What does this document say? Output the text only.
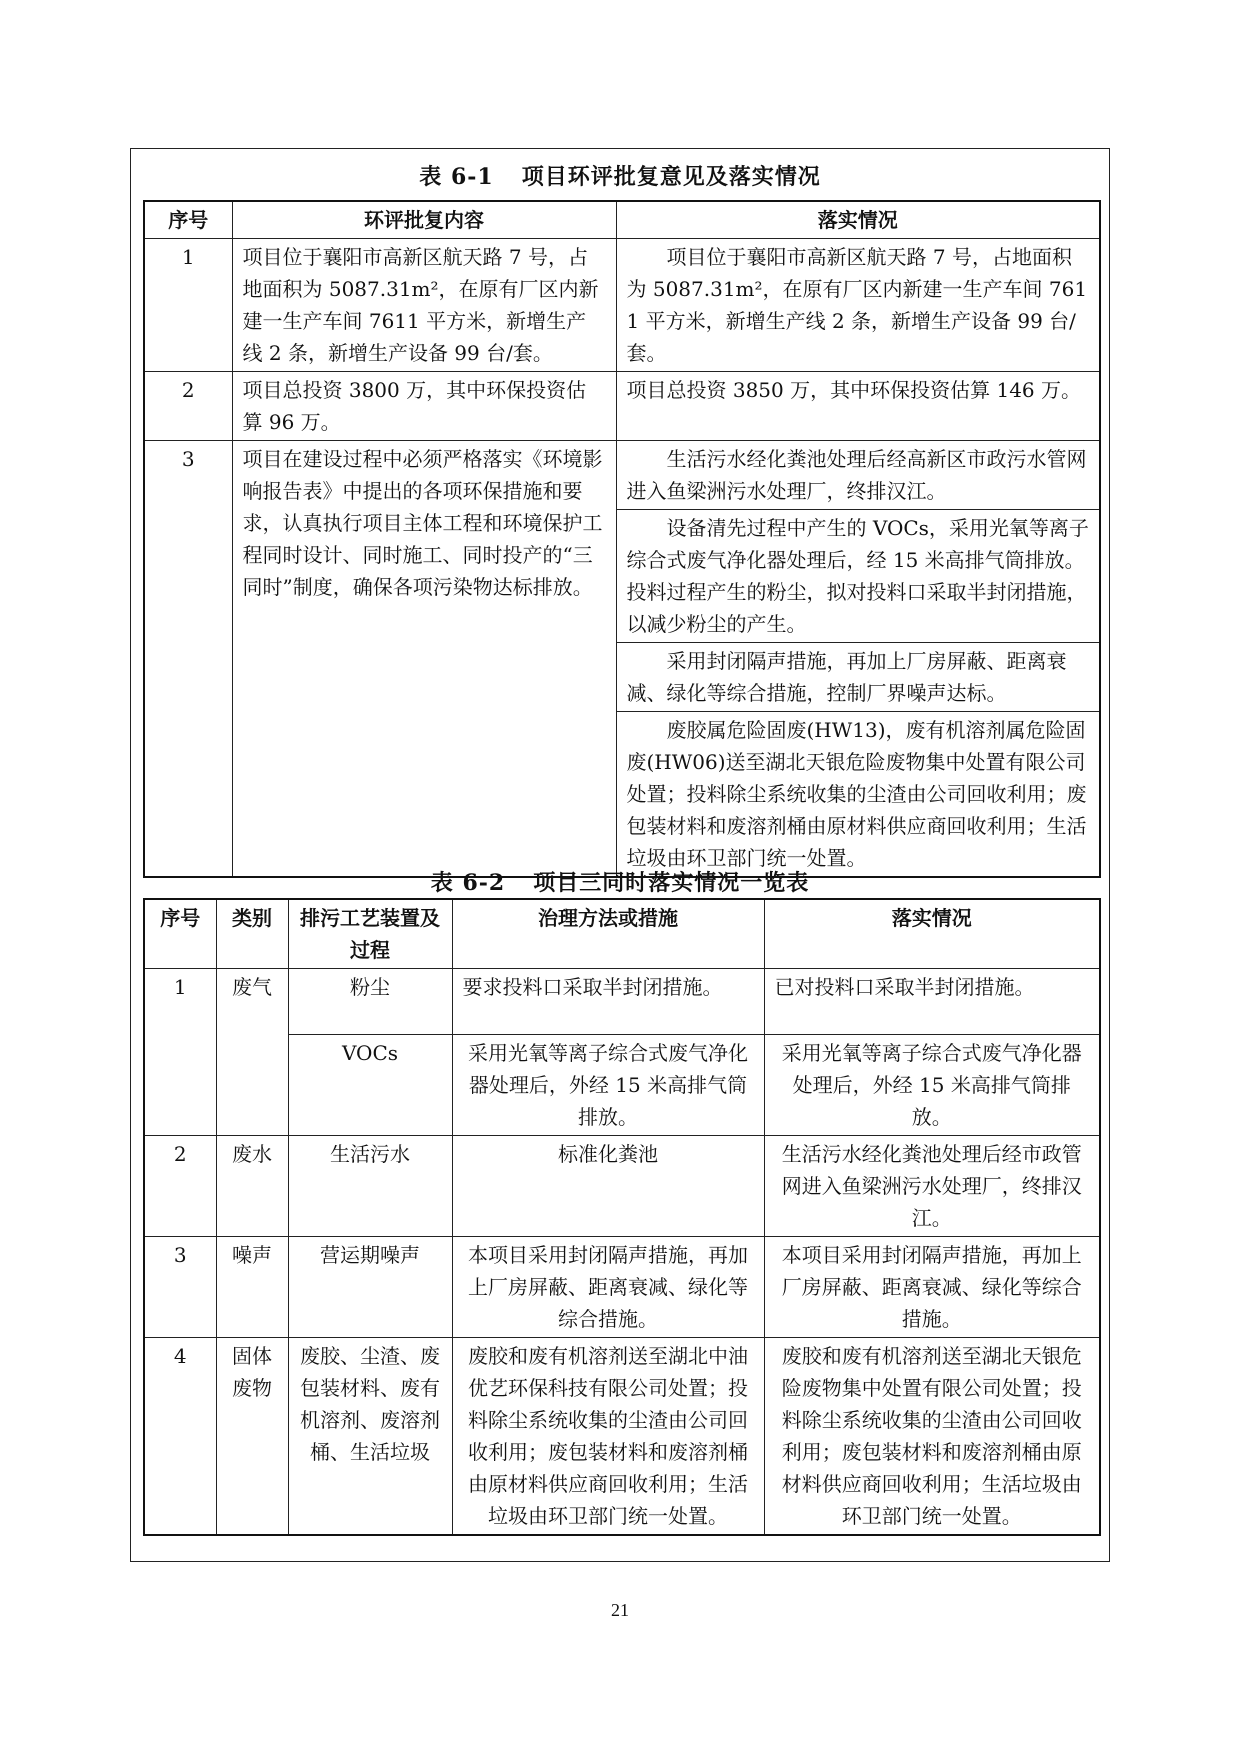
表 6-1 项目环评批复意见及落实情况
序号	环评批复内容	落实情况
1	项目位于襄阳市高新区航天路 7 号，占地面积为 5087.31m²，在原有厂区内新建一生产车间 7611 平方米，新增生产线 2 条，新增生产设备 99 台/套。	项目位于襄阳市高新区航天路 7 号，占地面积为 5087.31m²，在原有厂区内新建一生产车间 7611 平方米，新增生产线 2 条，新增生产设备 99 台/套。
2	项目总投资 3800 万，其中环保投资估算 96 万。	项目总投资 3850 万，其中环保投资估算 146 万。
3	项目在建设过程中必须严格落实《环境影响报告表》中提出的各项环保措施和要求，认真执行项目主体工程和环境保护工程同时设计、同时施工、同时投产的“三同时”制度，确保各项污染物达标排放。	生活污水经化粪池处理后经高新区市政污水管网进入鱼梁洲污水处理厂，终排汉江。
		设备清先过程中产生的 VOCs，采用光氧等离子综合式废气净化器处理后，经 15 米高排气筒排放。投料过程产生的粉尘，拟对投料口采取半封闭措施，以减少粉尘的产生。
		采用封闭隔声措施，再加上厂房屏蔽、距离衰减、绿化等综合措施，控制厂界噪声达标。
		废胶属危险固废(HW13)，废有机溶剂属危险固废(HW06)送至湖北天银危险废物集中处置有限公司处置；投料除尘系统收集的尘渣由公司回收利用；废包装材料和废溶剂桶由原材料供应商回收利用；生活垃圾由环卫部门统一处置。
表 6-2 项目三同时落实情况一览表
序号	类别	排污工艺装置及过程	治理方法或措施	落实情况
1	废气	粉尘	要求投料口采取半封闭措施。	已对投料口采取半封闭措施。
		VOCs	采用光氧等离子综合式废气净化器处理后，外经 15 米高排气筒排放。	采用光氧等离子综合式废气净化器处理后，外经 15 米高排气筒排放。
2	废水	生活污水	标准化粪池	生活污水经化粪池处理后经市政管网进入鱼梁洲污水处理厂，终排汉江。
3	噪声	营运期噪声	本项目采用封闭隔声措施，再加上厂房屏蔽、距离衰减、绿化等综合措施。	本项目采用封闭隔声措施，再加上厂房屏蔽、距离衰减、绿化等综合措施。
4	固体废物	废胶、尘渣、废包装材料、废有机溶剂、废溶剂桶、生活垃圾	废胶和废有机溶剂送至湖北中油优艺环保科技有限公司处置；投料除尘系统收集的尘渣由公司回收利用；废包装材料和废溶剂桶由原材料供应商回收利用；生活垃圾由环卫部门统一处置。	废胶和废有机溶剂送至湖北天银危险废物集中处置有限公司处置；投料除尘系统收集的尘渣由公司回收利用；废包装材料和废溶剂桶由原材料供应商回收利用；生活垃圾由环卫部门统一处置。
21
